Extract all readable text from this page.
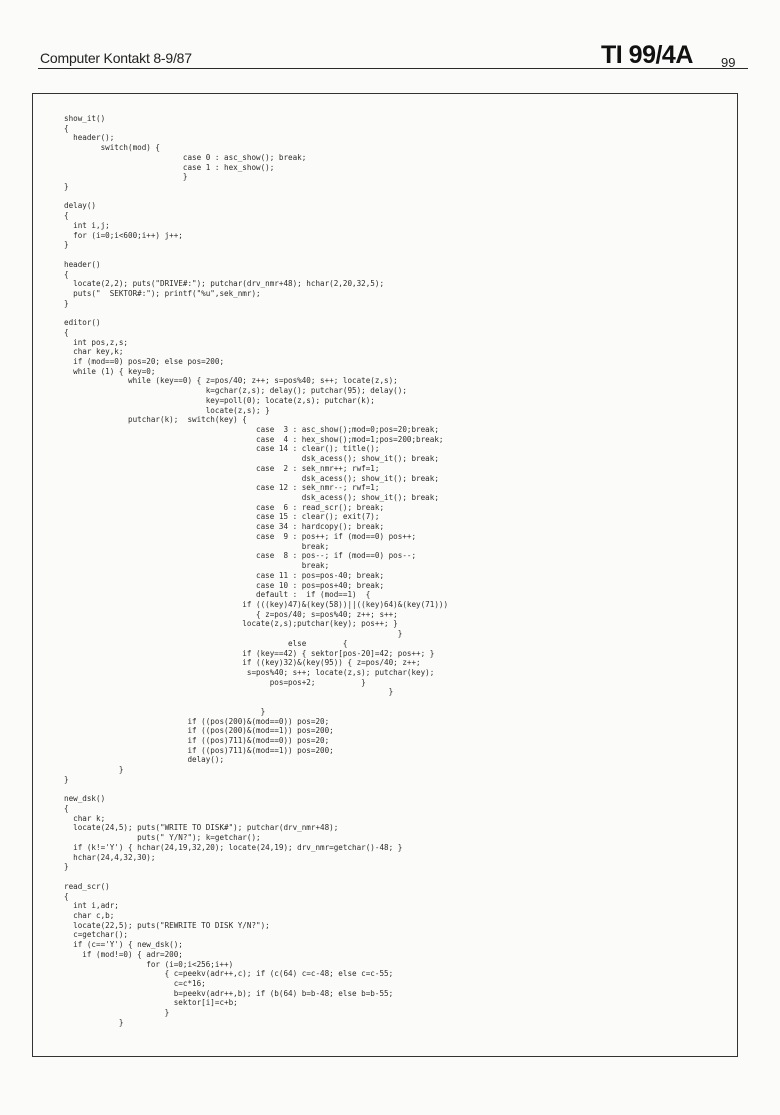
Computer Kontakt 8-9/87	TI 99/4A 99
show_it()
{
header();
switch(mod) {
case 0 : asc_show(); break;
case 1 : hex_show();
}
}

delay()
{
int i,j;
for (i=0;i<600;i++) j++;
}

header()
{
locate(2,2); puts("DRIVE#:"); putchar(drv_nmr+48); hchar(2,20,32,5);
puts("  SEKTOR#:"); printf("%u",sek_nmr);
}

editor()
{
int pos,z,s;
char key,k;
if (mod==0) pos=20; else pos=200;
while (1) { key=0;
while (key==0) { z=pos/40; z++; s=pos%40; s++; locate(z,s);
k=gchar(z,s); delay(); putchar(95); delay();
key=poll(0); locate(z,s); putchar(k);
locate(z,s); }
putchar(k);  switch(key) {
case  3 : asc_show();mod=0;pos=20;break;
case  4 : hex_show();mod=1;pos=200;break;
case 14 : clear(); title();
dsk_acess(); show_it(); break;
case  2 : sek_nmr++; rwf=1;
dsk_acess(); show_it(); break;
case 12 : sek_nmr--; rwf=1;
dsk_acess(); show_it(); break;
case  6 : read_scr(); break;
case 15 : clear(); exit(7);
case 34 : hardcopy(); break;
case  9 : pos++; if (mod==0) pos++;
break;
case  8 : pos--; if (mod==0) pos--;
break;
case 11 : pos=pos-40; break;
case 10 : pos=pos+40; break;
default :  if (mod==1)  {
if (((key)47)&(key(58))||((key)64)&(key(71)))
{ z=pos/40; s=pos%40; z++; s++;
locate(z,s);putchar(key); pos++; }
}
else        {
if (key==42) { sektor[pos-20]=42; pos++; }
if ((key)32)&(key(95)) { z=pos/40; z++;
s=pos%40; s++; locate(z,s); putchar(key);
pos=pos+2;          }
}

}
if ((pos(200)&(mod==0)) pos=20;
if ((pos(200)&(mod==1)) pos=200;
if ((pos)711)&(mod==0)) pos=20;
if ((pos)711)&(mod==1)) pos=200;
delay();
}
}

new_dsk()
{
char k;
locate(24,5); puts("WRITE TO DISK#"); putchar(drv_nmr+48);
puts(" Y/N?"); k=getchar();
if (k!='Y') { hchar(24,19,32,20); locate(24,19); drv_nmr=getchar()-48; }
hchar(24,4,32,30);
}

read_scr()
{
int i,adr;
char c,b;
locate(22,5); puts("REWRITE TO DISK Y/N?");
c=getchar();
if (c=='Y') { new_dsk();
if (mod!=0) { adr=200;
for (i=0;i<256;i++)
{ c=peekv(adr++,c); if (c(64) c=c-48; else c=c-55;
c=c*16;
b=peekv(adr++,b); if (b(64) b=b-48; else b=b-55;
sektor[i]=c+b;
}
}
